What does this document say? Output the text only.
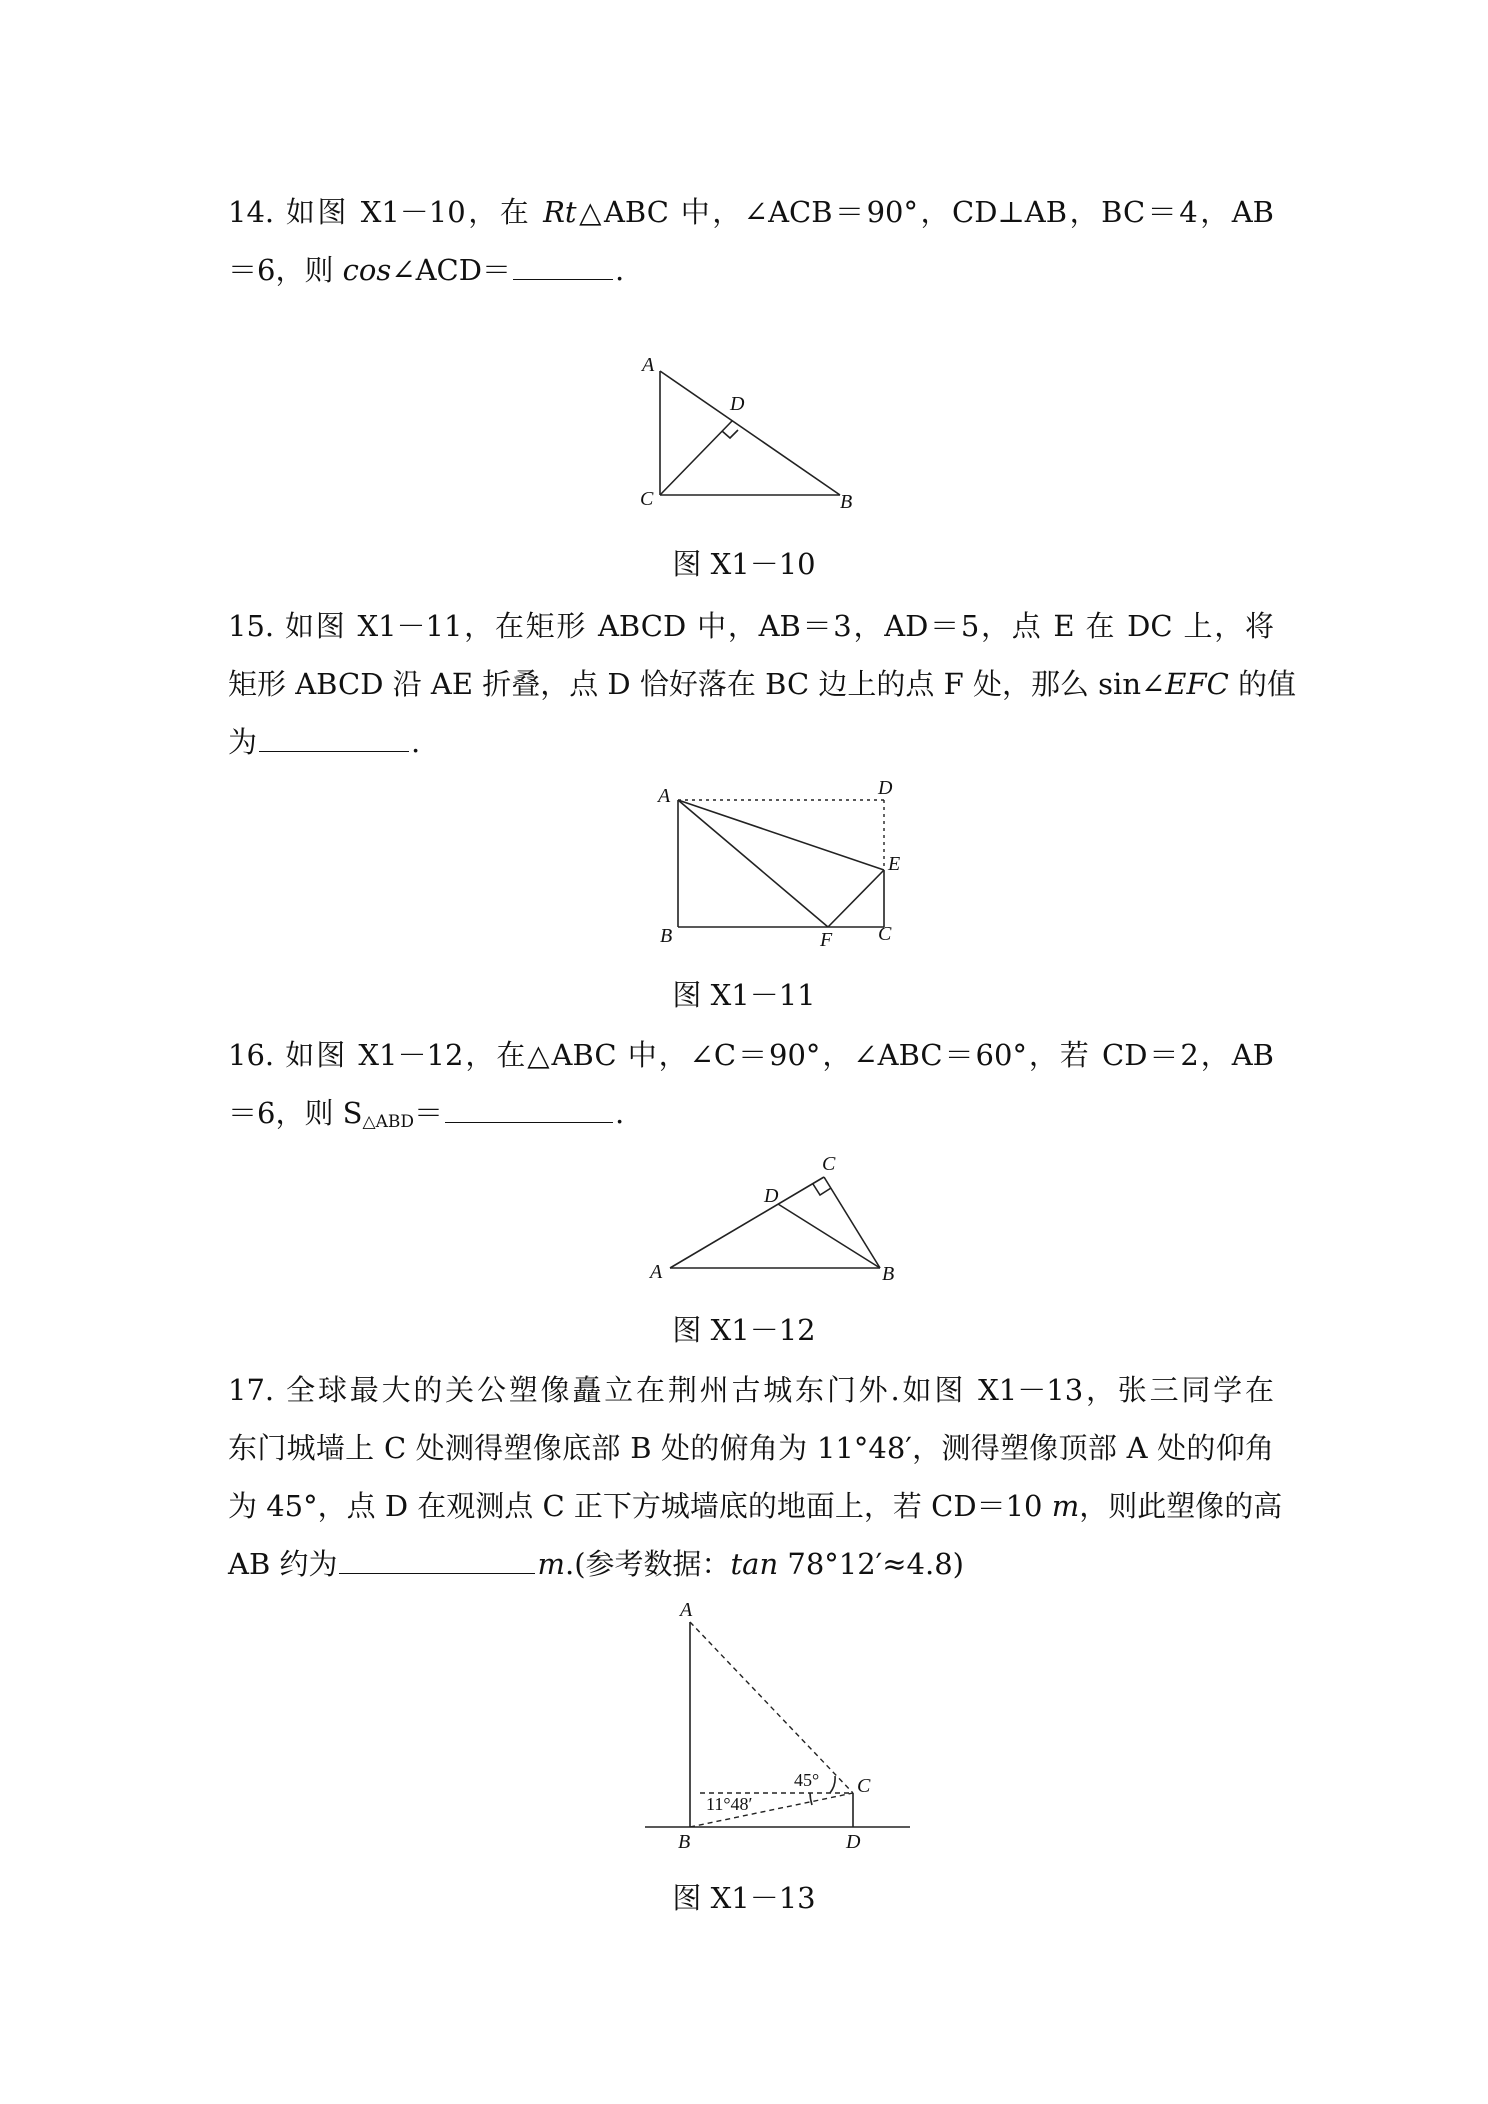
14. 如图 X1－10，在 Rt△ABC 中，∠ACB＝90°，CD⊥AB，BC＝4，AB
＝6，则 cos∠ACD＝	.
A
D
C	B
图 X1－10
15. 如图 X1－11，在矩形 ABCD 中，AB＝3，AD＝5，点 E 在 DC 上，将
矩形 ABCD 沿 AE 折叠，点 D 恰好落在 BC 边上的点 F 处，那么 sin∠EFC 的值
为	.
A	D
E
B	F C
图 X1－11
16. 如图 X1－12，在△ABC 中，∠C＝90°，∠ABC＝60°，若 CD＝2，AB
＝6，则 $S_{\triangle ABD}=$	.
A
D
C
B
图 X1－12
17. 全球最大的关公塑像矗立在荆州古城东门外.如图 X1－13，张三同学在
东门城墙上 C 处测得塑像底部 B 处的俯角为 11°48′，测得塑像顶部 A 处的仰角
为 45°，点 D 在观测点 C 正下方城墙底的地面上，若 CD＝10 m，则此塑像的高
AB 约为	m.(参考数据：tan 78°12′≈4.8)
A
C
B	D
45°
11°48′
图 X1－13
